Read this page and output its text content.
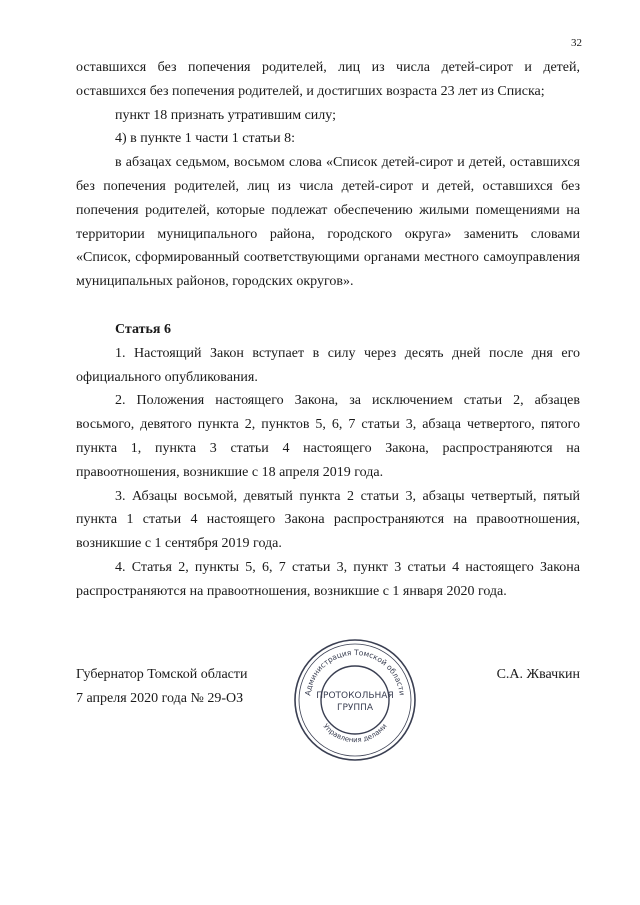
32

оставшихся без попечения родителей, лиц из числа детей-сирот и детей, оставшихся без попечения родителей, и достигших возраста 23 лет из Списка;

пункт 18 признать утратившим силу;

4) в пункте 1 части 1 статьи 8:

в абзацах седьмом, восьмом слова «Список детей-сирот и детей, оставшихся без попечения родителей, лиц из числа детей-сирот и детей, оставшихся без попечения родителей, которые подлежат обеспечению жилыми помещениями на территории муниципального района, городского округа» заменить словами «Список, сформированный соответствующими органами местного самоуправления муниципальных районов, городских округов».

Статья 6

1. Настоящий Закон вступает в силу через десять дней после дня его официального опубликования.

2. Положения настоящего Закона, за исключением статьи 2, абзацев восьмого, девятого пункта 2, пунктов 5, 6, 7 статьи 3, абзаца четвертого, пятого пункта 1, пункта 3 статьи 4 настоящего Закона, распространяются на правоотношения, возникшие с 18 апреля 2019 года.

3. Абзацы восьмой, девятый пункта 2 статьи 3, абзацы четвертый, пятый пункта 1 статьи 4 настоящего Закона распространяются на правоотношения, возникшие с 1 сентября 2019 года.

4. Статья 2, пункты 5, 6, 7 статьи 3, пункт 3 статьи 4 настоящего Закона распространяются на правоотношения, возникшие с 1 января 2020 года.

Губернатор Томской области
7 апреля 2020 года № 29-ОЗ
С.А. Жвачкин
Администрация Томской области
Управления делами
ПРОТОКОЛЬНАЯ
ГРУППА
